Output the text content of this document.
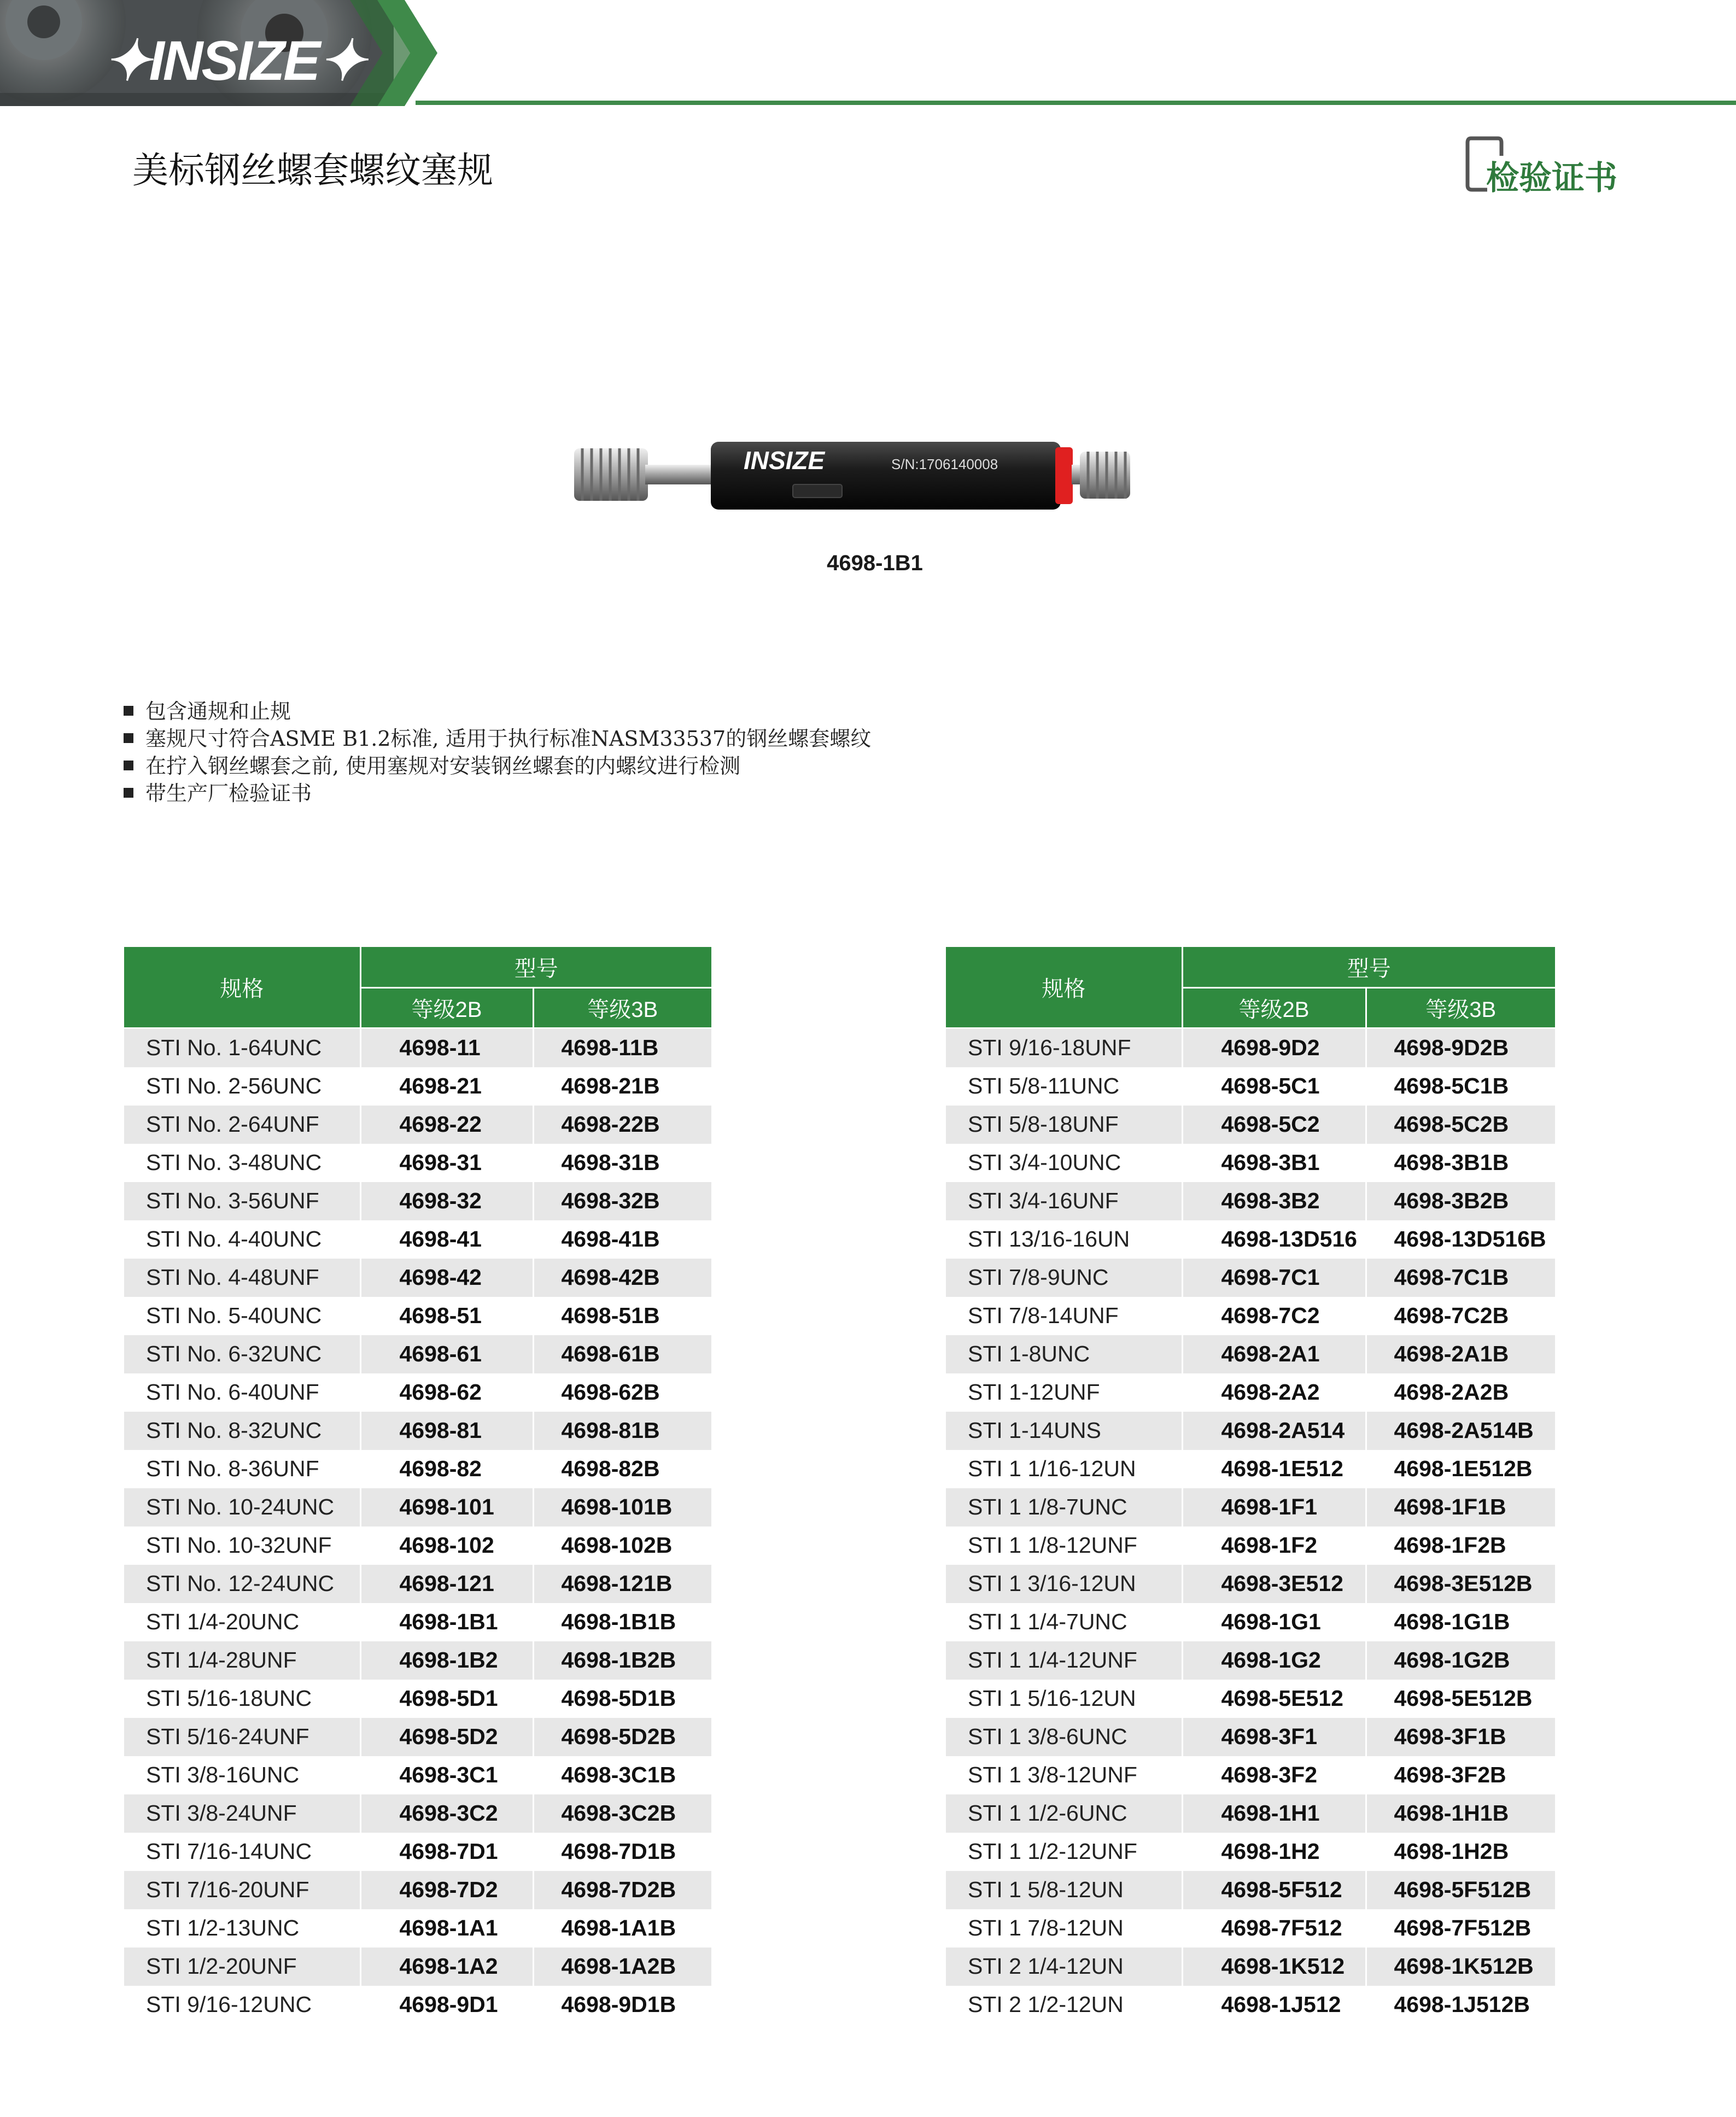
✦INSIZE✦
美标钢丝螺套螺纹塞规	检验证书
INSIZE	S/N:1706140008
4698-1B1
包含通规和止规
塞规尺寸符合ASME B1.2标准, 适用于执行标准NASM33537的钢丝螺套螺纹
在拧入钢丝螺套之前, 使用塞规对安装钢丝螺套的内螺纹进行检测
带生产厂检验证书
规格	型号	
	等级2B	等级3B
STI No. 1-64UNC	4698-11	4698-11B
STI No. 2-56UNC	4698-21	4698-21B
STI No. 2-64UNF	4698-22	4698-22B
STI No. 3-48UNC	4698-31	4698-31B
STI No. 3-56UNF	4698-32	4698-32B
STI No. 4-40UNC	4698-41	4698-41B
STI No. 4-48UNF	4698-42	4698-42B
STI No. 5-40UNC	4698-51	4698-51B
STI No. 6-32UNC	4698-61	4698-61B
STI No. 6-40UNF	4698-62	4698-62B
STI No. 8-32UNC	4698-81	4698-81B
STI No. 8-36UNF	4698-82	4698-82B
STI No. 10-24UNC	4698-101	4698-101B
STI No. 10-32UNF	4698-102	4698-102B
STI No. 12-24UNC	4698-121	4698-121B
STI 1/4-20UNC	4698-1B1	4698-1B1B
STI 1/4-28UNF	4698-1B2	4698-1B2B
STI 5/16-18UNC	4698-5D1	4698-5D1B
STI 5/16-24UNF	4698-5D2	4698-5D2B
STI 3/8-16UNC	4698-3C1	4698-3C1B
STI 3/8-24UNF	4698-3C2	4698-3C2B
STI 7/16-14UNC	4698-7D1	4698-7D1B
STI 7/16-20UNF	4698-7D2	4698-7D2B
STI 1/2-13UNC	4698-1A1	4698-1A1B
STI 1/2-20UNF	4698-1A2	4698-1A2B
STI 9/16-12UNC	4698-9D1	4698-9D1B
规格	型号	
	等级2B	等级3B
STI 9/16-18UNF	4698-9D2	4698-9D2B
STI 5/8-11UNC	4698-5C1	4698-5C1B
STI 5/8-18UNF	4698-5C2	4698-5C2B
STI 3/4-10UNC	4698-3B1	4698-3B1B
STI 3/4-16UNF	4698-3B2	4698-3B2B
STI 13/16-16UN	4698-13D516	4698-13D516B
STI 7/8-9UNC	4698-7C1	4698-7C1B
STI 7/8-14UNF	4698-7C2	4698-7C2B
STI 1-8UNC	4698-2A1	4698-2A1B
STI 1-12UNF	4698-2A2	4698-2A2B
STI 1-14UNS	4698-2A514	4698-2A514B
STI 1 1/16-12UN	4698-1E512	4698-1E512B
STI 1 1/8-7UNC	4698-1F1	4698-1F1B
STI 1 1/8-12UNF	4698-1F2	4698-1F2B
STI 1 3/16-12UN	4698-3E512	4698-3E512B
STI 1 1/4-7UNC	4698-1G1	4698-1G1B
STI 1 1/4-12UNF	4698-1G2	4698-1G2B
STI 1 5/16-12UN	4698-5E512	4698-5E512B
STI 1 3/8-6UNC	4698-3F1	4698-3F1B
STI 1 3/8-12UNF	4698-3F2	4698-3F2B
STI 1 1/2-6UNC	4698-1H1	4698-1H1B
STI 1 1/2-12UNF	4698-1H2	4698-1H2B
STI 1 5/8-12UN	4698-5F512	4698-5F512B
STI 1 7/8-12UN	4698-7F512	4698-7F512B
STI 2 1/4-12UN	4698-1K512	4698-1K512B
STI 2 1/2-12UN	4698-1J512	4698-1J512B
